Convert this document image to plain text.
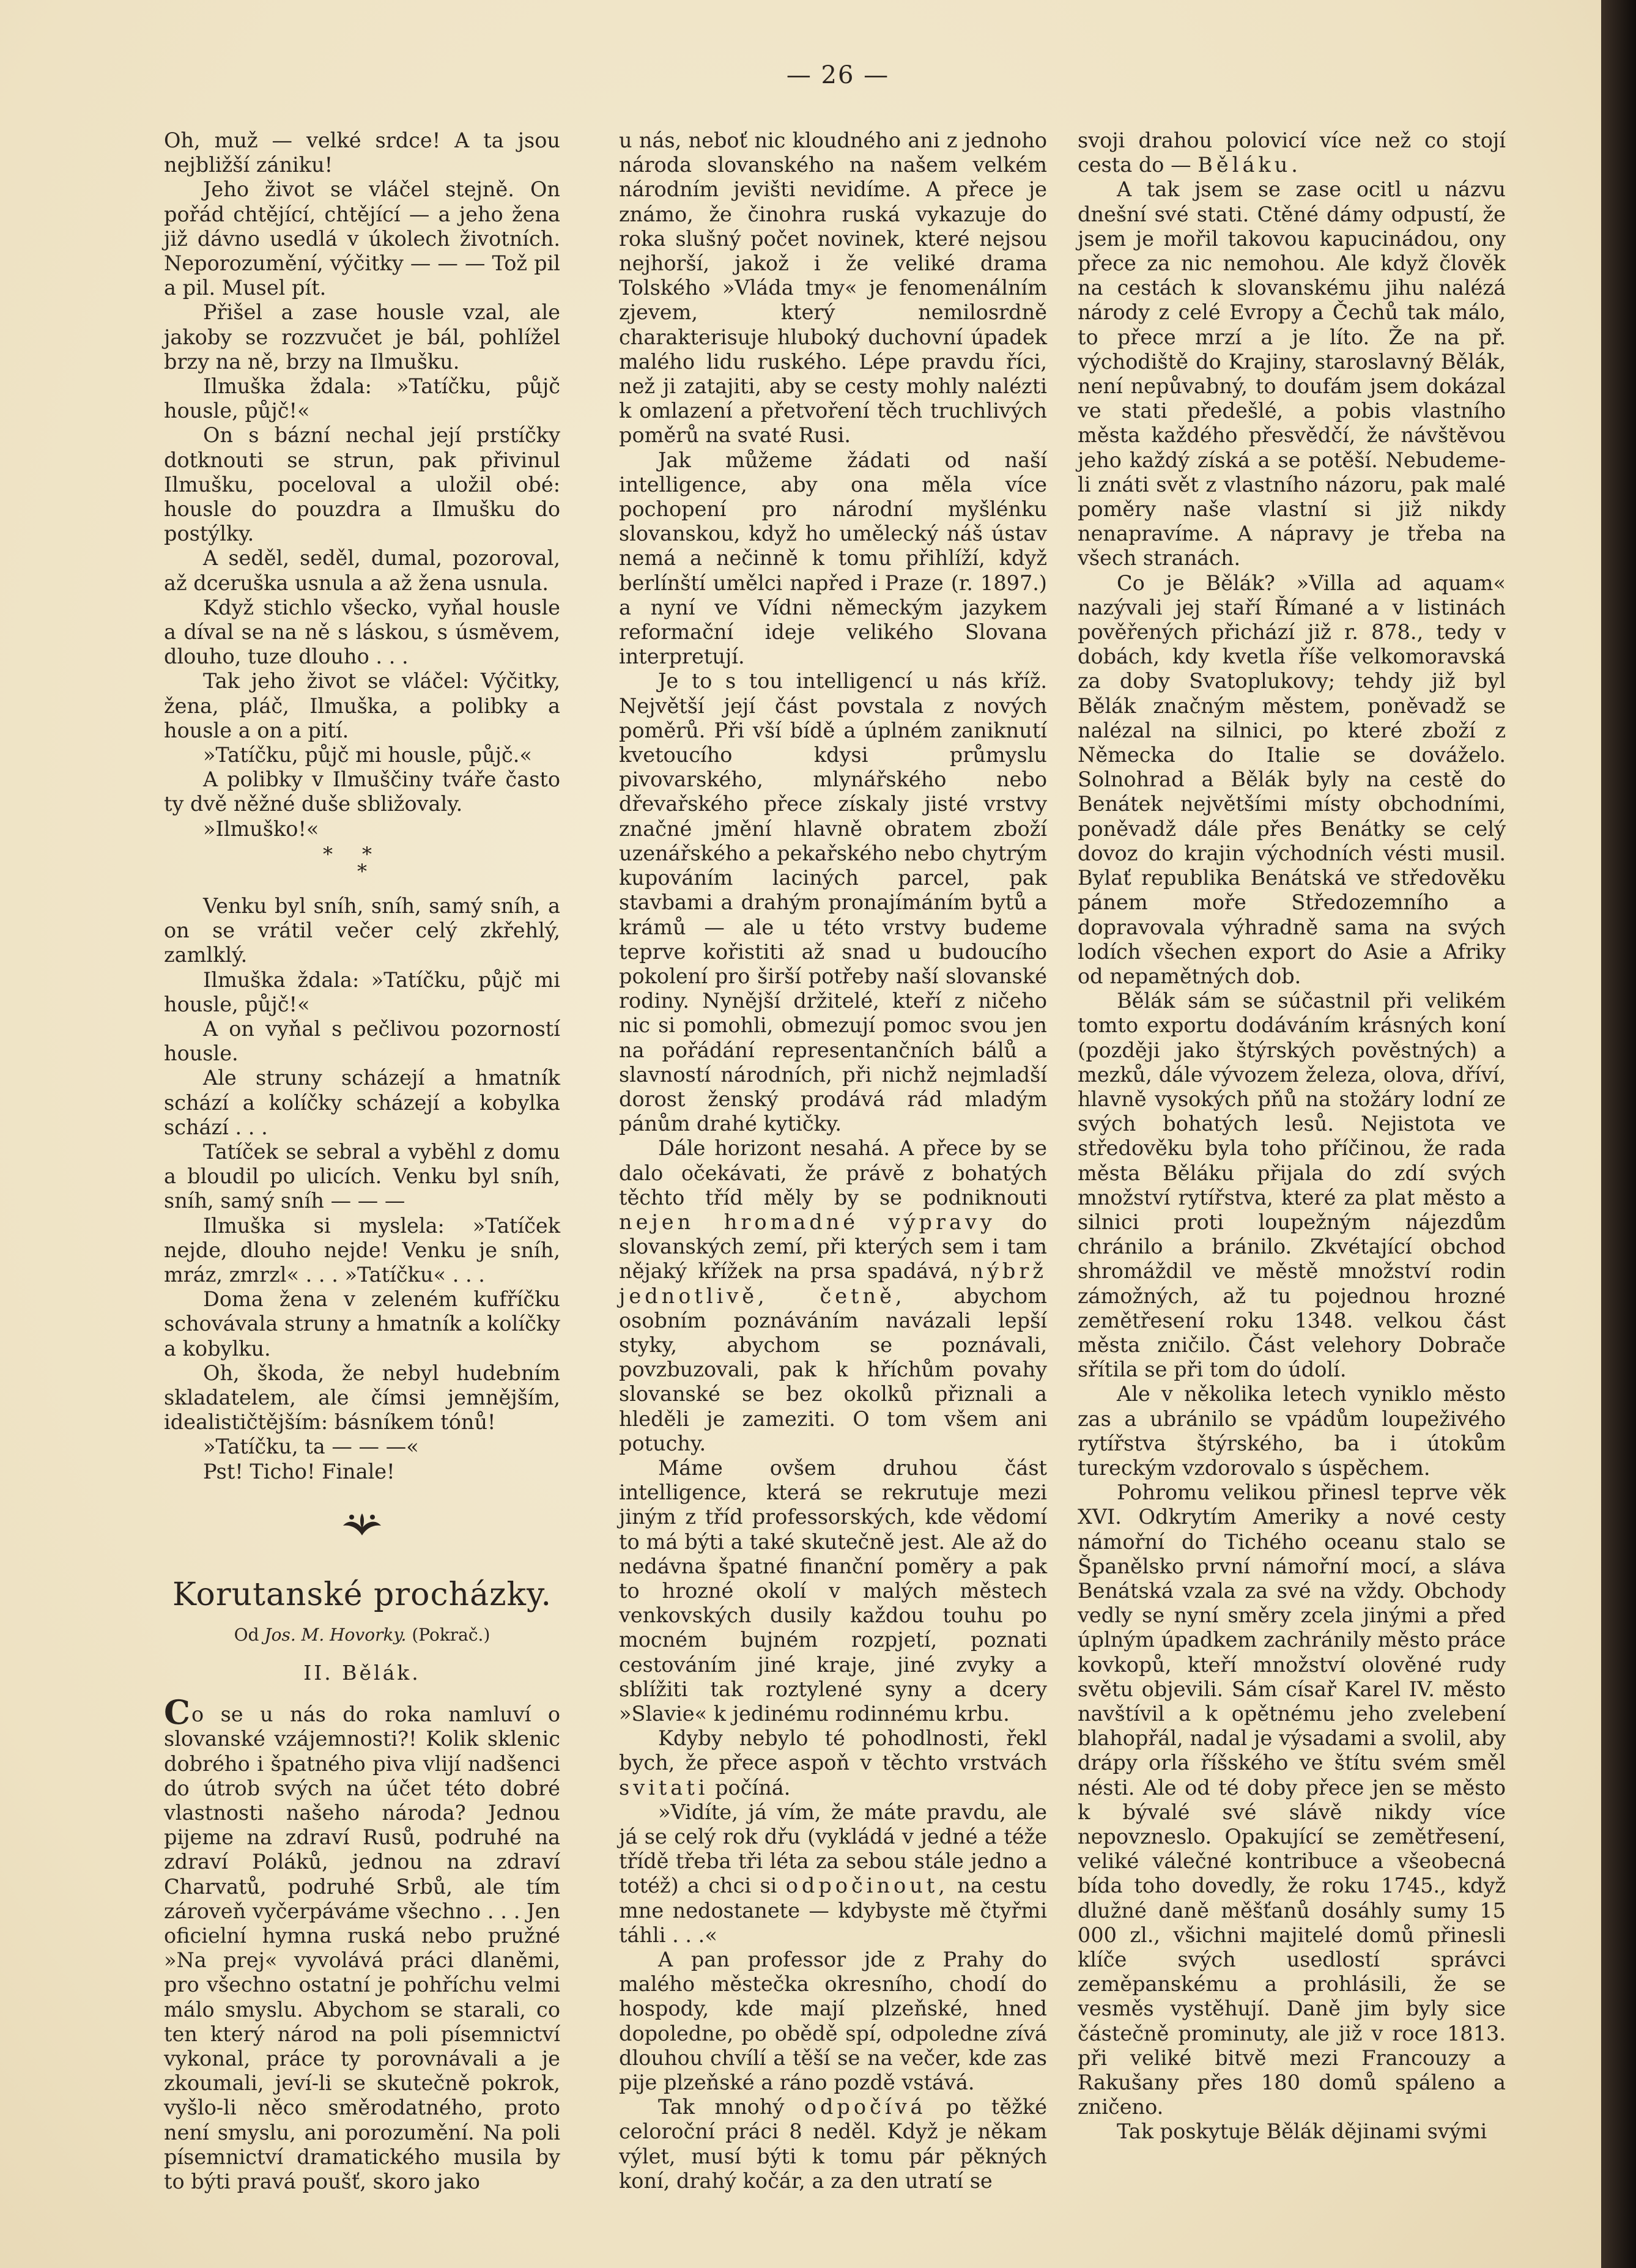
— 26 —

Oh, muž — velké srdce! A ta jsou nejbližší zániku!

Jeho život se vláčel stejně. On pořád chtějící, chtějící — a jeho žena již dávno usedlá v úkolech životních. Neporozumění, výčitky — — — Tož pil a pil. Musel pít.

Přišel a zase housle vzal, ale jakoby se rozzvučet je bál, pohlížel brzy na ně, brzy na Ilmušku.

Ilmuška ždala: »Tatíčku, půjč housle, půjč!«

On s bázní nechal její prstíčky dotknouti se strun, pak přivinul Ilmušku, poceloval a uložil obé: housle do pouzdra a Ilmušku do postýlky.

A seděl, seděl, dumal, pozoroval, až dceruška usnula a až žena usnula.

Když stichlo všecko, vyňal housle a díval se na ně s láskou, s úsměvem, dlouho, tuze dlouho . . .

Tak jeho život se vláčel: Výčitky, žena, pláč, Ilmuška, a polibky a housle a on a pití.

»Tatíčku, půjč mi housle, půjč.«

A polibky v Ilmuščiny tváře často ty dvě něžné duše sbližovaly.

»Ilmuško!«

**
*

Venku byl sníh, sníh, samý sníh, a on se vrátil večer celý zkřehlý, zamlklý.

Ilmuška ždala: »Tatíčku, půjč mi housle, půjč!«

A on vyňal s pečlivou pozorností housle.

Ale struny scházejí a hmatník schází a kolíčky scházejí a kobylka schází . . .

Tatíček se sebral a vyběhl z domu a bloudil po ulicích. Venku byl sníh, sníh, samý sníh — — —

Ilmuška si myslela: »Tatíček nejde, dlouho nejde! Venku je sníh, mráz, zmrzl« . . . »Tatíčku« . . .

Doma žena v zeleném kufříčku schovávala struny a hmatník a kolíčky a kobylku.

Oh, škoda, že nebyl hudebním skladatelem, ale čímsi jemnějším, idealističtějším: básníkem tónů!

»Tatíčku, ta — — —«

Pst! Ticho! Finale!

Korutanské procházky.
Od Jos. M. Hovorky. (Pokrač.)
II. Bělák.

Co se u nás do roka namluví o slovanské vzájemnosti?! Kolik sklenic dobrého i špatného piva vlijí nadšenci do útrob svých na účet této dobré vlastnosti našeho národa? Jednou pijeme na zdraví Rusů, podruhé na zdraví Poláků, jednou na zdraví Charvatů, podruhé Srbů, ale tím zároveň vyčerpáváme všechno . . . Jen oficielní hymna ruská nebo pružné »Na prej« vyvolává práci dlaněmi, pro všechno ostatní je pohříchu velmi málo smyslu. Abychom se starali, co ten který národ na poli písemnictví vykonal, práce ty porovnávali a je zkoumali, jeví-li se skutečně pokrok, vyšlo-li něco směrodatného, proto není smyslu, ani porozumění. Na poli písemnictví dramatického musila by to býti pravá poušť, skoro jako

u nás, neboť nic kloudného ani z jednoho národa slovanského na našem velkém národním jevišti nevidíme. A přece je známo, že činohra ruská vykazuje do roka slušný počet novinek, které nejsou nejhorší, jakož i že veliké drama Tolského »Vláda tmy« je fenomenálním zjevem, který nemilosrdně charakterisuje hluboký duchovní úpadek malého lidu ruského. Lépe pravdu říci, než ji zatajiti, aby se cesty mohly nalézti k omlazení a přetvoření těch truchlivých poměrů na svaté Rusi.

Jak můžeme žádati od naší intelligence, aby ona měla více pochopení pro národní myšlénku slovanskou, když ho umělecký náš ústav nemá a nečinně k tomu přihlíží, když berlínští umělci napřed i Praze (r. 1897.) a nyní ve Vídni německým jazykem reformační ideje velikého Slovana interpretují.

Je to s tou intelligencí u nás kříž. Největší její část povstala z nových poměrů. Při vší bídě a úplném zaniknutí kvetoucího kdysi průmyslu pivovarského, mlynářského nebo dřevařského přece získaly jisté vrstvy značné jmění hlavně obratem zboží uzenářského a pekařského nebo chytrým kupováním laciných parcel, pak stavbami a drahým pronajímáním bytů a krámů — ale u této vrstvy budeme teprve kořistiti až snad u budoucího pokolení pro širší potřeby naší slovanské rodiny. Nynější držitelé, kteří z ničeho nic si pomohli, obmezují pomoc svou jen na pořádání representančních bálů a slavností národních, při nichž nejmladší dorost ženský prodává rád mladým pánům drahé kytičky.

Dále horizont nesahá. A přece by se dalo očekávati, že právě z bohatých těchto tříd měly by se podniknouti nejen hromadné výpravy do slovanských zemí, při kterých sem i tam nějaký křížek na prsa spadává, nýbrž jednotlivě, četně, abychom osobním poznáváním navázali lepší styky, abychom se poznávali, povzbuzovali, pak k hříchům povahy slovanské se bez okolků přiznali a hleděli je zameziti. O tom všem ani potuchy.

Máme ovšem druhou část intelligence, která se rekrutuje mezi jiným z tříd professorských, kde vědomí to má býti a také skutečně jest. Ale až do nedávna špatné finanční poměry a pak to hrozné okolí v malých městech venkovských dusily každou touhu po mocném bujném rozpjetí, poznati cestováním jiné kraje, jiné zvyky a sblížiti tak roztylené syny a dcery »Slavie« k jedinému rodinnému krbu.

Kdyby nebylo té pohodlnosti, řekl bych, že přece aspoň v těchto vrstvách svitati počíná.

»Vidíte, já vím, že máte pravdu, ale já se celý rok dřu (vykládá v jedné a téže třídě třeba tři léta za sebou stále jedno a totéž) a chci si odpočinout, na cestu mne nedostanete — kdybyste mě čtyřmi táhli . . .«

A pan professor jde z Prahy do malého městečka okresního, chodí do hospody, kde mají plzeňské, hned dopoledne, po obědě spí, odpoledne zívá dlouhou chvílí a těší se na večer, kde zas pije plzeňské a ráno pozdě vstává.

Tak mnohý odpočívá po těžké celoroční práci 8 neděl. Když je někam výlet, musí býti k tomu pár pěkných koní, drahý kočár, a za den utratí se

svoji drahou polovicí více než co stojí cesta do — Běláku.

A tak jsem se zase ocitl u názvu dnešní své stati. Ctěné dámy odpustí, že jsem je mořil takovou kapucinádou, ony přece za nic nemohou. Ale když člověk na cestách k slovanskému jihu nalézá národy z celé Evropy a Čechů tak málo, to přece mrzí a je líto. Že na př. východiště do Krajiny, staroslavný Bělák, není nepůvabný, to doufám jsem dokázal ve stati předešlé, a pobis vlastního města každého přesvědčí, že návštěvou jeho každý získá a se potěší. Nebudeme-li znáti svět z vlastního názoru, pak malé poměry naše vlastní si již nikdy nenapravíme. A nápravy je třeba na všech stranách.

Co je Bělák? »Villa ad aquam« nazývali jej staří Římané a v listinách pověřených přichází již r. 878., tedy v dobách, kdy kvetla říše velkomoravská za doby Svatoplukovy; tehdy již byl Bělák značným městem, poněvadž se nalézal na silnici, po které zboží z Německa do Italie se dováželo. Solnohrad a Bělák byly na cestě do Benátek největšími místy obchodními, poněvadž dále přes Benátky se celý dovoz do krajin východních vésti musil. Bylať republika Benátská ve středověku pánem moře Středozemního a dopravovala výhradně sama na svých lodích všechen export do Asie a Afriky od nepamětných dob.

Bělák sám se súčastnil při velikém tomto exportu dodáváním krásných koní (později jako štýrských pověstných) a mezků, dále vývozem železa, olova, dříví, hlavně vysokých pňů na stožáry lodní ze svých bohatých lesů. Nejistota ve středověku byla toho příčinou, že rada města Běláku přijala do zdí svých množství rytířstva, které za plat město a silnici proti loupežným nájezdům chránilo a bránilo. Zkvétající obchod shromáždil ve městě množství rodin zámožných, až tu pojednou hrozné zemětřesení roku 1348. velkou část města zničilo. Část velehory Dobrače sřítila se při tom do údolí.

Ale v několika letech vyniklo město zas a ubránilo se vpádům loupeživého rytířstva štýrského, ba i útokům tureckým vzdorovalo s úspěchem.

Pohromu velikou přinesl teprve věk XVI. Odkrytím Ameriky a nové cesty námořní do Tichého oceanu stalo se Španělsko první námořní mocí, a sláva Benátská vzala za své na vždy. Obchody vedly se nyní směry zcela jinými a před úplným úpadkem zachránily město práce kovkopů, kteří množství olověné rudy světu objevili. Sám císař Karel IV. město navštívil a k opětnému jeho zvelebení blahopřál, nadal je výsadami a svolil, aby drápy orla říšského ve štítu svém směl nésti. Ale od té doby přece jen se město k bývalé své slávě nikdy více nepovzneslo. Opakující se zemětřesení, veliké válečné kontribuce a všeobecná bída toho dovedly, že roku 1745., když dlužné daně měšťanů dosáhly sumy 15 000 zl., všichni majitelé domů přinesli klíče svých usedlostí správci zeměpanskému a prohlásili, že se vesměs vystěhují. Daně jim byly sice částečně prominuty, ale již v roce 1813. při veliké bitvě mezi Francouzy a Rakušany přes 180 domů spáleno a zničeno.

Tak poskytuje Bělák dějinami svými
